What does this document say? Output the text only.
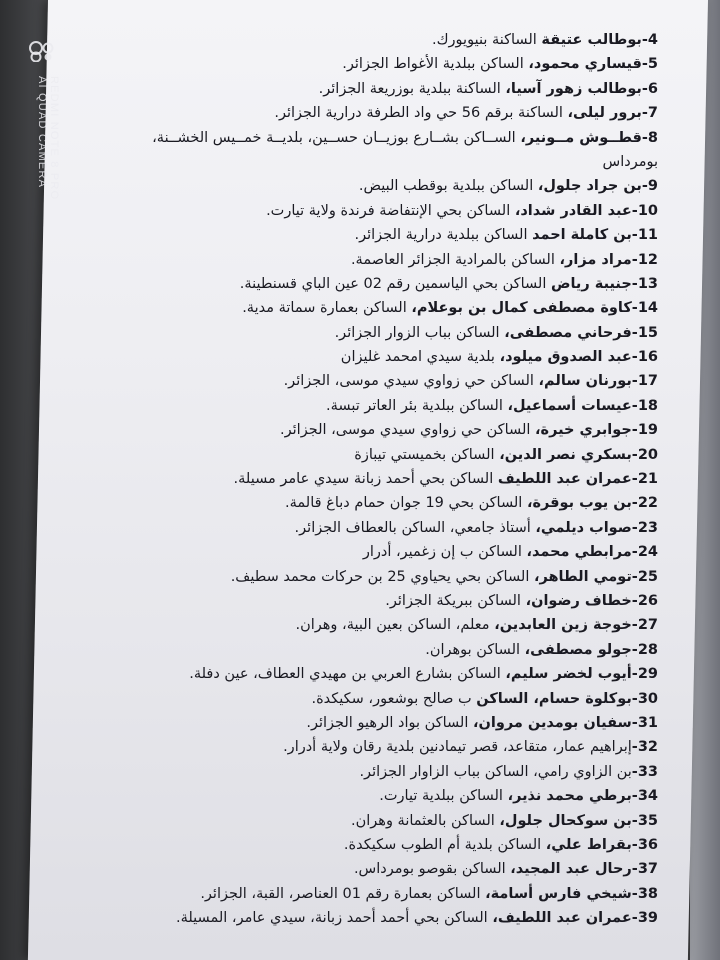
4-بوطالب عتيقة الساكنة بنيويورك.
5-قيساري محمود، الساكن ببلدية الأغواط الجزائر.
6-بوطالب زهور آسيا، الساكنة ببلدية بوزريعة الجزائر.
7-برور ليلى، الساكنة برقم 56 حي واد الطرفة درارية الجزائر.
8-قطــوش مــونير، الســاكن بشــارع بوزيــان حســين، بلديــة خمــيس الخشــنة،
بومرداس
9-بن جراد جلول، الساكن ببلدية بوقطب البيض.
10-عبد القادر شداد، الساكن بحي الإنتفاضة فرندة ولاية تيارت.
11-بن كاملة احمد الساكن ببلدية درارية الجزائر.
12-مراد مزار، الساكن بالمرادية الجزائر العاصمة.
13-جنيبة رياض الساكن بحي الياسمين رقم 02 عين الباي قسنطينة.
14-كاوة مصطفى كمال بن بوعلام، الساكن بعمارة سماتة مدية.
15-فرحاني مصطفى، الساكن بباب الزوار الجزائر.
16-عبد الصدوق ميلود، بلدية سيدي امحمد غليزان
17-بورنان سالم، الساكن حي زواوي سيدي موسى، الجزائر.
18-عيسات أسماعيل، الساكن ببلدية بئر العاتر تبسة.
19-جوابري خيرة، الساكن حي زواوي سيدي موسى، الجزائر.
20-بسكري نصر الدين، الساكن بخميستي تيبازة
21-عمران عبد اللطيف الساكن بحي أحمد زبانة سيدي عامر مسيلة.
22-بن يوب بوقرة، الساكن بحي 19 جوان حمام دباغ قالمة.
23-صواب ديلمي، أستاذ جامعي، الساكن بالعطاف الجزائر.
24-مرابطي محمد، الساكن ب إن زغمير، أدرار
25-تومي الطاهر، الساكن بحي يحياوي 25 بن حركات محمد سطيف.
26-خطاف رضوان، الساكن ببريكة الجزائر.
27-خوجة زين العابدين، معلم، الساكن بعين البية، وهران.
28-جولو مصطفى، الساكن بوهران.
29-أيوب لخضر سليم، الساكن بشارع العربي بن مهيدي العطاف، عين دفلة.
30-بوكلوة حسام، الساكن ب صالح بوشعور، سكيكدة.
31-سفيان بومدين مروان، الساكن بواد الرهيو الجزائر.
32-إبراهيم عمار، متقاعد، قصر تيمادنين بلدية رقان ولاية أدرار.
33-بن الزاوي رامي، الساكن بباب الزاوار الجزائر.
34-برطي محمد نذير، الساكن ببلدية تيارت.
35-بن سوكحال جلول، الساكن بالعثمانة وهران.
36-بقراط علي، الساكن بلدية أم الطوب سكيكدة.
37-رحال عبد المجيد، الساكن بقوصو بومرداس.
38-شيخي فارس أسامة، الساكن بعمارة رقم 01 العناصر، القبة، الجزائر.
39-عمران عبد اللطيف، الساكن بحي أحمد أحمد زبانة، سيدي عامر، المسيلة.
REDMI NOTE 8 PRO
AI QUAD CAMERA
